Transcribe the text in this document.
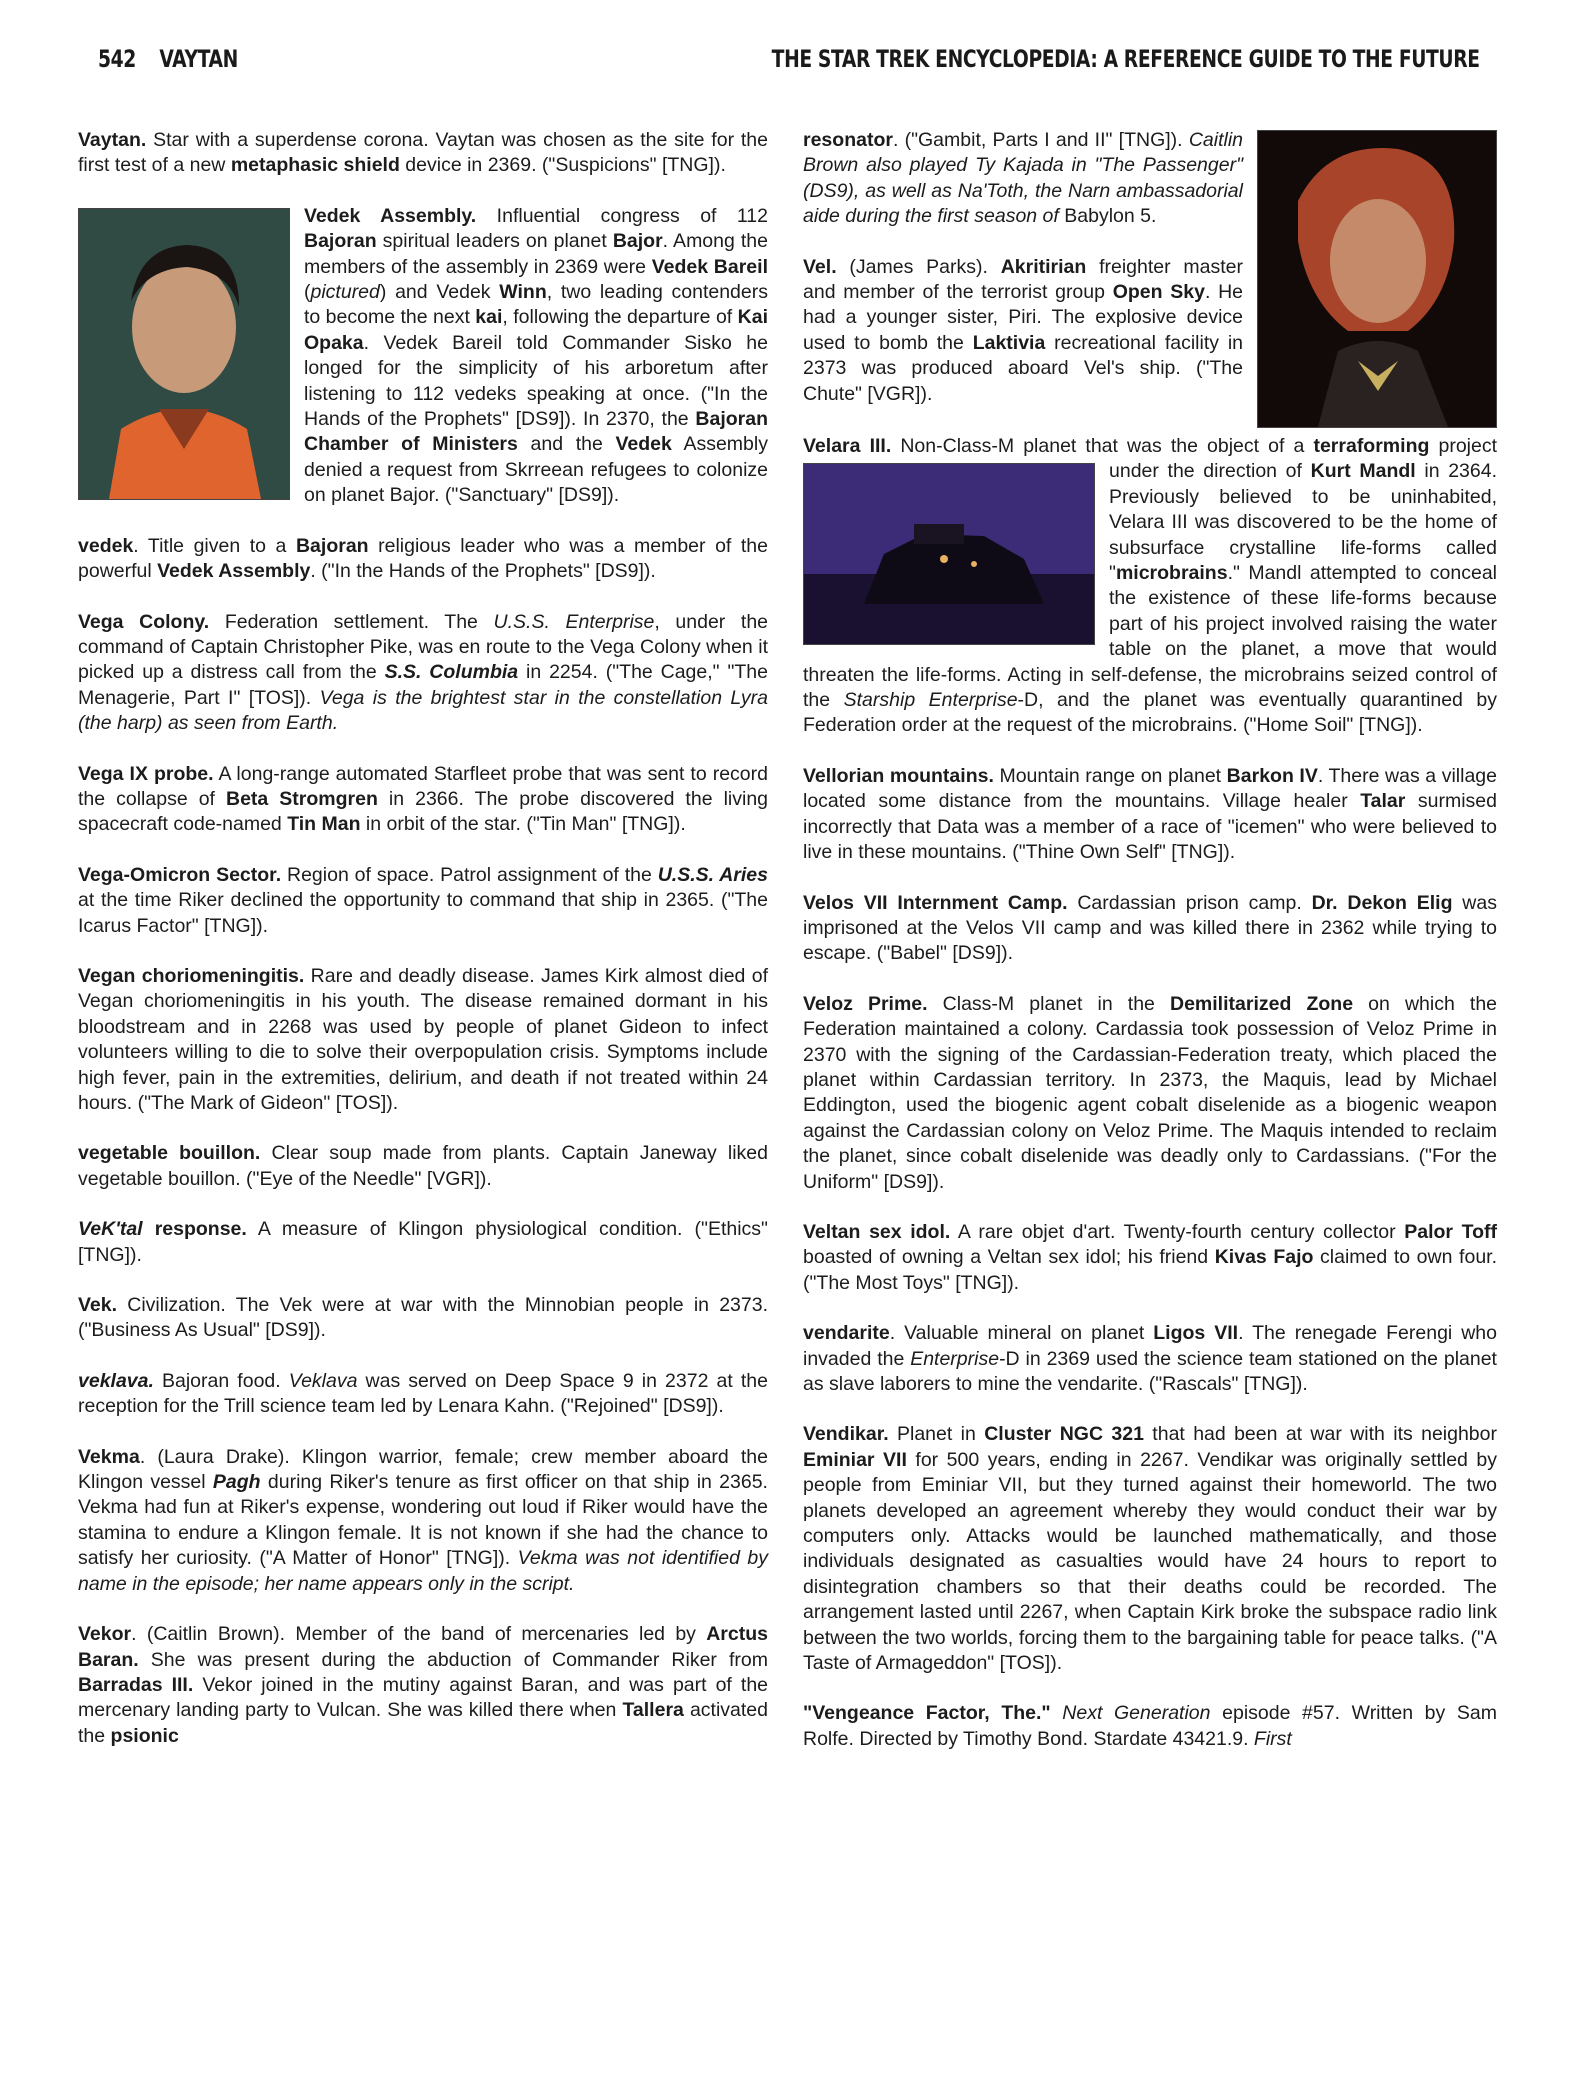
542 VAYTAN	THE STAR TREK ENCYCLOPEDIA: A REFERENCE GUIDE TO THE FUTURE

Vaytan. Star with a superdense corona. Vaytan was chosen as the site for the first test of a new metaphasic shield device in 2369. ("Suspicions" [TNG]).

Vedek Assembly. Influential congress of 112 Bajoran spiritual leaders on planet Bajor. Among the members of the assembly in 2369 were Vedek Bareil (pictured) and Vedek Winn, two leading contenders to become the next kai, following the departure of Kai Opaka. Vedek Bareil told Commander Sisko he longed for the simplicity of his arboretum after listening to 112 vedeks speaking at once. ("In the Hands of the Prophets" [DS9]). In 2370, the Bajoran Chamber of Ministers and the Vedek Assembly denied a request from Skrreean refugees to colonize on planet Bajor. ("Sanctuary" [DS9]).

vedek. Title given to a Bajoran religious leader who was a member of the powerful Vedek Assembly. ("In the Hands of the Prophets" [DS9]).

Vega Colony. Federation settlement. The U.S.S. Enterprise, under the command of Captain Christopher Pike, was en route to the Vega Colony when it picked up a distress call from the S.S. Columbia in 2254. ("The Cage," "The Menagerie, Part I" [TOS]). Vega is the brightest star in the constellation Lyra (the harp) as seen from Earth.

Vega IX probe. A long-range automated Starfleet probe that was sent to record the collapse of Beta Stromgren in 2366. The probe discovered the living spacecraft code-named Tin Man in orbit of the star. ("Tin Man" [TNG]).

Vega-Omicron Sector. Region of space. Patrol assignment of the U.S.S. Aries at the time Riker declined the opportunity to command that ship in 2365. ("The Icarus Factor" [TNG]).

Vegan choriomeningitis. Rare and deadly disease. James Kirk almost died of Vegan choriomeningitis in his youth. The disease remained dormant in his bloodstream and in 2268 was used by people of planet Gideon to infect volunteers willing to die to solve their overpopulation crisis. Symptoms include high fever, pain in the extremities, delirium, and death if not treated within 24 hours. ("The Mark of Gideon" [TOS]).

vegetable bouillon. Clear soup made from plants. Captain Janeway liked vegetable bouillon. ("Eye of the Needle" [VGR]).

VeK'tal response. A measure of Klingon physiological condition. ("Ethics" [TNG]).

Vek. Civilization. The Vek were at war with the Minnobian people in 2373. ("Business As Usual" [DS9]).

veklava. Bajoran food. Veklava was served on Deep Space 9 in 2372 at the reception for the Trill science team led by Lenara Kahn. ("Rejoined" [DS9]).

Vekma. (Laura Drake). Klingon warrior, female; crew member aboard the Klingon vessel Pagh during Riker's tenure as first officer on that ship in 2365. Vekma had fun at Riker's expense, wondering out loud if Riker would have the stamina to endure a Klingon female. It is not known if she had the chance to satisfy her curiosity. ("A Matter of Honor" [TNG]). Vekma was not identified by name in the episode; her name appears only in the script.

Vekor. (Caitlin Brown). Member of the band of mercenaries led by Arctus Baran. She was present during the abduction of Commander Riker from Barradas III. Vekor joined in the mutiny against Baran, and was part of the mercenary landing party to Vulcan. She was killed there when Tallera activated the psionic

resonator. ("Gambit, Parts I and II" [TNG]). Caitlin Brown also played Ty Kajada in "The Passenger" (DS9), as well as Na'Toth, the Narn ambassadorial aide during the first season of Babylon 5.

Vel. (James Parks). Akritirian freighter master and member of the terrorist group Open Sky. He had a younger sister, Piri. The explosive device used to bomb the Laktivia recreational facility in 2373 was produced aboard Vel's ship. ("The Chute" [VGR]).

Velara III. Non-Class-M planet that was the object of a terraforming project under the direction of Kurt Mandl
in 2364. Previously believed to be uninhabited, Velara III was discovered to be the home of subsurface crystalline life-forms called "microbrains." Mandl attempted to conceal the existence of these life-forms because part of his project involved raising the water table on the planet, a move that would threaten the life-forms. Acting in self-defense, the microbrains seized control of the Starship Enterprise-D, and the planet was eventually quarantined by Federation order at the request of the microbrains. ("Home Soil" [TNG]).

Vellorian mountains. Mountain range on planet Barkon IV. There was a village located some distance from the mountains. Village healer Talar surmised incorrectly that Data was a member of a race of "icemen" who were believed to live in these mountains. ("Thine Own Self" [TNG]).

Velos VII Internment Camp. Cardassian prison camp. Dr. Dekon Elig was imprisoned at the Velos VII camp and was killed there in 2362 while trying to escape. ("Babel" [DS9]).

Veloz Prime. Class-M planet in the Demilitarized Zone on which the Federation maintained a colony. Cardassia took possession of Veloz Prime in 2370 with the signing of the Cardassian-Federation treaty, which placed the planet within Cardassian territory. In 2373, the Maquis, lead by Michael Eddington, used the biogenic agent cobalt diselenide as a biogenic weapon against the Cardassian colony on Veloz Prime. The Maquis intended to reclaim the planet, since cobalt diselenide was deadly only to Cardassians. ("For the Uniform" [DS9]).

Veltan sex idol. A rare objet d'art. Twenty-fourth century collector Palor Toff boasted of owning a Veltan sex idol; his friend Kivas Fajo claimed to own four. ("The Most Toys" [TNG]).

vendarite. Valuable mineral on planet Ligos VII. The renegade Ferengi who invaded the Enterprise-D in 2369 used the science team stationed on the planet as slave laborers to mine the vendarite. ("Rascals" [TNG]).

Vendikar. Planet in Cluster NGC 321 that had been at war with its neighbor Eminiar VII for 500 years, ending in 2267. Vendikar was originally settled by people from Eminiar VII, but they turned against their homeworld. The two planets developed an agreement whereby they would conduct their war by computers only. Attacks would be launched mathematically, and those individuals designated as casualties would have 24 hours to report to disintegration chambers so that their deaths could be recorded. The arrangement lasted until 2267, when Captain Kirk broke the subspace radio link between the two worlds, forcing them to the bargaining table for peace talks. ("A Taste of Armageddon" [TOS]).

"Vengeance Factor, The." Next Generation episode #57. Written by Sam Rolfe. Directed by Timothy Bond. Stardate 43421.9. First
